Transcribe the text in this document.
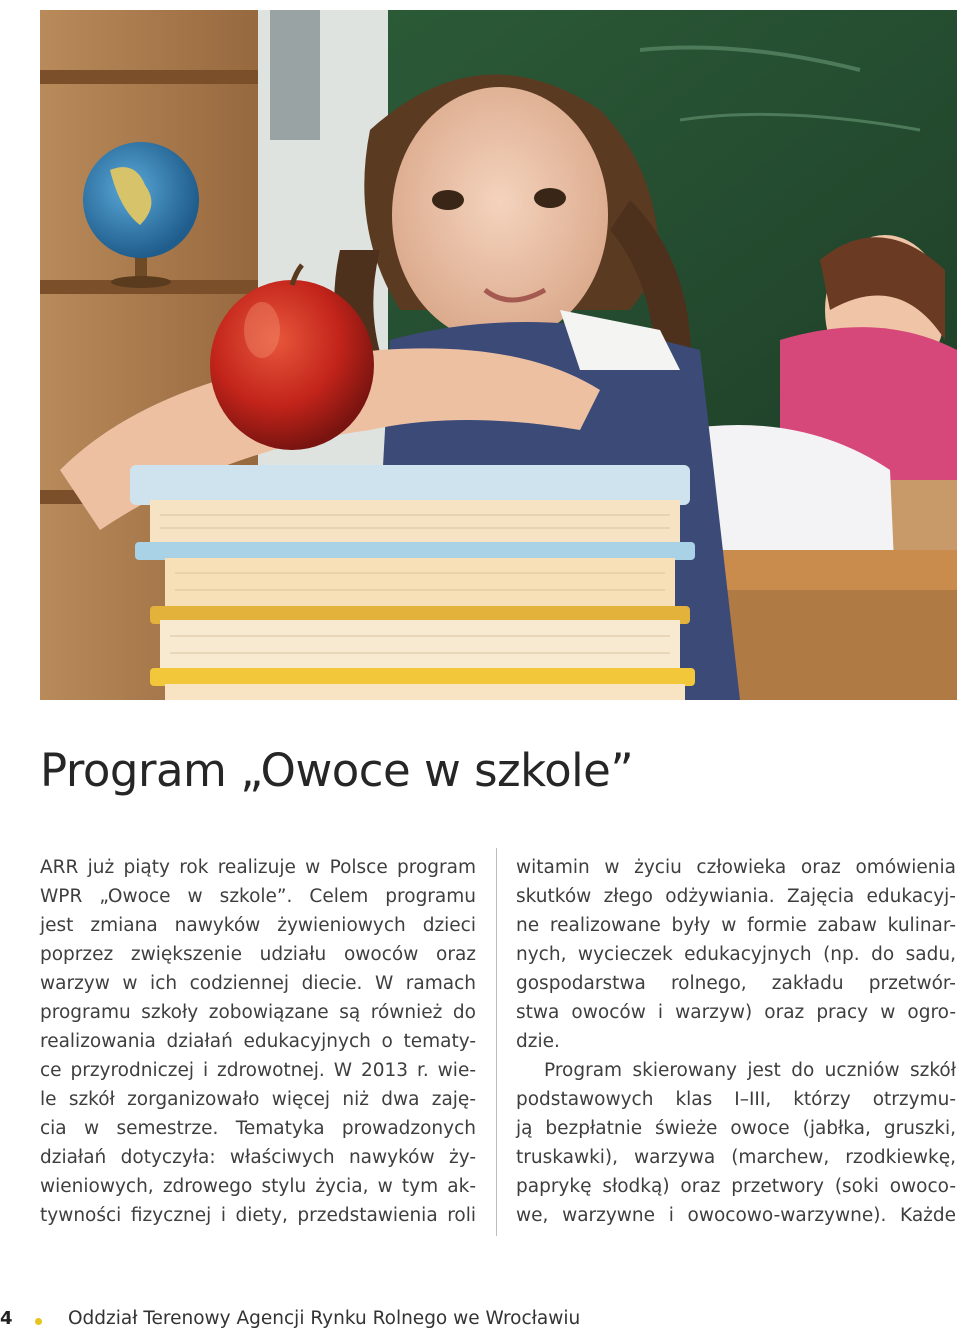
Program „Owoce w szkole”
ARR już piąty rok realizuje w Polsce program
WPR „Owoce w szkole”. Celem programu
jest zmiana nawyków żywieniowych dzieci
poprzez zwiększenie udziału owoców oraz
warzyw w ich codziennej diecie. W ramach
programu szkoły zobowiązane są również do
realizowania działań edukacyjnych o tematy-
ce przyrodniczej i zdrowotnej. W 2013 r. wie-
le szkół zorganizowało więcej niż dwa zaję-
cia w semestrze. Tematyka prowadzonych
działań dotyczyła: właściwych nawyków ży-
wieniowych, zdrowego stylu życia, w tym ak-
tywności fizycznej i diety, przedstawienia roli
witamin w życiu człowieka oraz omówienia
skutków złego odżywiania. Zajęcia edukacyj-
ne realizowane były w formie zabaw kulinar-
nych, wycieczek edukacyjnych (np. do sadu,
gospodarstwa rolnego, zakładu przetwór-
stwa owoców i warzyw) oraz pracy w ogro-
dzie.
Program skierowany jest do uczniów szkół
podstawowych klas I–III, którzy otrzymu-
ją bezpłatnie świeże owoce (jabłka, gruszki,
truskawki), warzywa (marchew, rzodkiewkę,
paprykę słodką) oraz przetwory (soki owoco-
we, warzywne i owocowo-warzywne). Każde
4	Oddział Terenowy Agencji Rynku Rolnego we Wrocławiu
